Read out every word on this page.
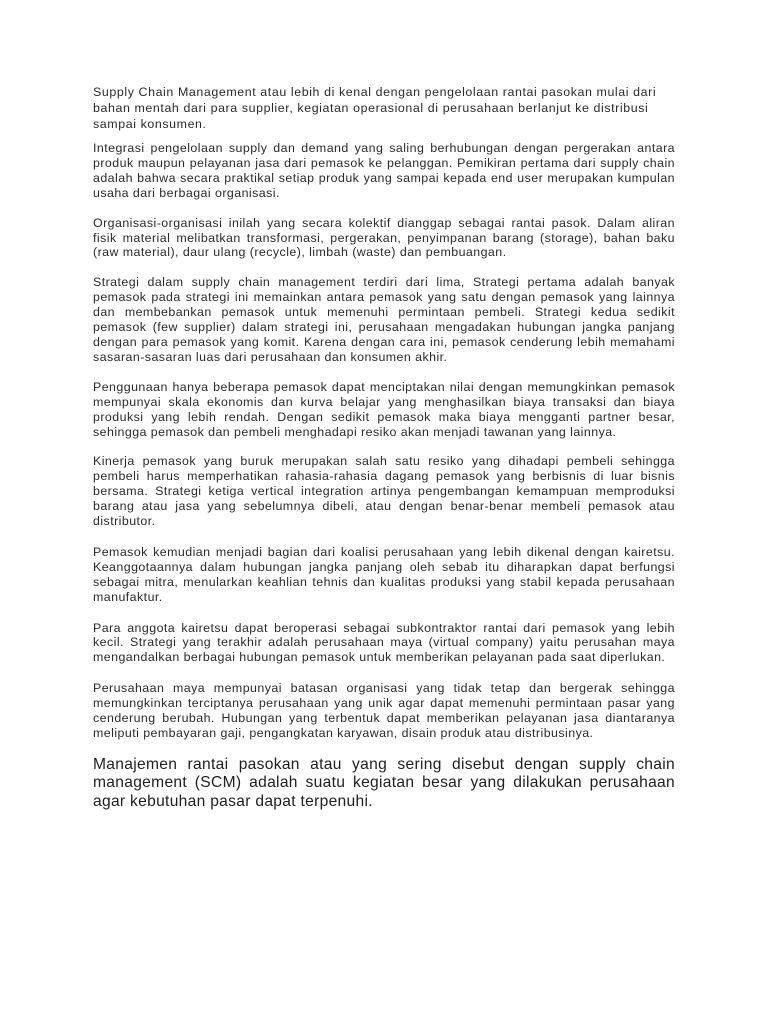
Supply Chain Management atau lebih di kenal dengan pengelolaan rantai pasokan mulai dari bahan mentah dari para supplier, kegiatan operasional di perusahaan berlanjut ke distribusi sampai konsumen.

Integrasi pengelolaan supply dan demand yang saling berhubungan dengan pergerakan antara produk maupun pelayanan jasa dari pemasok ke pelanggan. Pemikiran pertama dari supply chain adalah bahwa secara praktikal setiap produk yang sampai kepada end user merupakan kumpulan usaha dari berbagai organisasi.

Organisasi-organisasi inilah yang secara kolektif dianggap sebagai rantai pasok. Dalam aliran fisik material melibatkan transformasi, pergerakan, penyimpanan barang (storage), bahan baku (raw material), daur ulang (recycle), limbah (waste) dan pembuangan.

Strategi dalam supply chain management terdiri dari lima, Strategi pertama adalah banyak pemasok pada strategi ini memainkan antara pemasok yang satu dengan pemasok yang lainnya dan membebankan pemasok untuk memenuhi permintaan pembeli. Strategi kedua sedikit pemasok (few supplier) dalam strategi ini, perusahaan mengadakan hubungan jangka panjang dengan para pemasok yang komit. Karena dengan cara ini, pemasok cenderung lebih memahami sasaran-sasaran luas dari perusahaan dan konsumen akhir.

Penggunaan hanya beberapa pemasok dapat menciptakan nilai dengan memungkinkan pemasok mempunyai skala ekonomis dan kurva belajar yang menghasilkan biaya transaksi dan biaya produksi yang lebih rendah. Dengan sedikit pemasok maka biaya mengganti partner besar, sehingga pemasok dan pembeli menghadapi resiko akan menjadi tawanan yang lainnya.

Kinerja pemasok yang buruk merupakan salah satu resiko yang dihadapi pembeli sehingga pembeli harus memperhatikan rahasia-rahasia dagang pemasok yang berbisnis di luar bisnis bersama. Strategi ketiga vertical integration artinya pengembangan kemampuan memproduksi barang atau jasa yang sebelumnya dibeli, atau dengan benar-benar membeli pemasok atau distributor.

Pemasok kemudian menjadi bagian dari koalisi perusahaan yang lebih dikenal dengan kairetsu. Keanggotaannya dalam hubungan jangka panjang oleh sebab itu diharapkan dapat berfungsi sebagai mitra, menularkan keahlian tehnis dan kualitas produksi yang stabil kepada perusahaan manufaktur.

Para anggota kairetsu dapat beroperasi sebagai subkontraktor rantai dari pemasok yang lebih kecil. Strategi yang terakhir adalah perusahaan maya (virtual company) yaitu perusahan maya mengandalkan berbagai hubungan pemasok untuk memberikan pelayanan pada saat diperlukan.

Perusahaan maya mempunyai batasan organisasi yang tidak tetap dan bergerak sehingga memungkinkan terciptanya perusahaan yang unik agar dapat memenuhi permintaan pasar yang cenderung berubah. Hubungan yang terbentuk dapat memberikan pelayanan jasa diantaranya meliputi pembayaran gaji, pengangkatan karyawan, disain produk atau distribusinya.

Manajemen rantai pasokan atau yang sering disebut dengan supply chain management (SCM) adalah suatu kegiatan besar yang dilakukan perusahaan agar kebutuhan pasar dapat terpenuhi.
